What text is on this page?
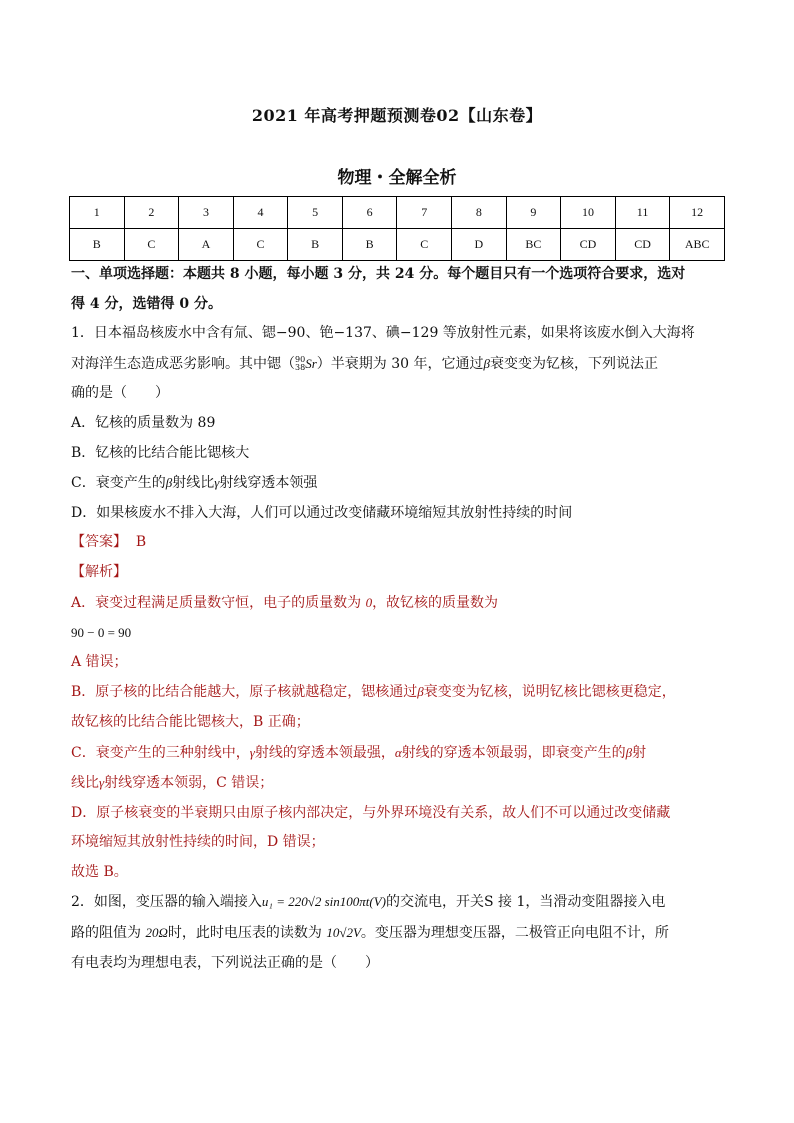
2021 年高考押题预测卷02【山东卷】
物理・全解全析
1	2	3	4	5	6	7	8	9	10	11	12
B	C	A	C	B	B	C	D	BC	CD	CD	ABC

一、单项选择题：本题共 8 小题，每小题 3 分，共 24 分。每个题目只有一个选项符合要求，选对

得 4 分，选错得 0 分。

1．日本福岛核废水中含有氚、锶−90、铯−137、碘−129 等放射性元素，如果将该废水倒入大海将

对海洋生态造成恶劣影响。其中锶（90
38Sr）半衰期为 30 年，它通过β衰变变为钇核，下列说法正

确的是（　　）

A．钇核的质量数为 89

B．钇核的比结合能比锶核大

C．衰变产生的β射线比γ射线穿透本领强

D．如果核废水不排入大海，人们可以通过改变储藏环境缩短其放射性持续的时间

【答案】 B

【解析】

A．衰变过程满足质量数守恒，电子的质量数为 0，故钇核的质量数为

90 − 0 = 90

A 错误；

B．原子核的比结合能越大，原子核就越稳定，锶核通过β衰变变为钇核，说明钇核比锶核更稳定，

故钇核的比结合能比锶核大，B 正确；

C．衰变产生的三种射线中，γ射线的穿透本领最强，α射线的穿透本领最弱，即衰变产生的β射

线比γ射线穿透本领弱，C 错误；

D．原子核衰变的半衰期只由原子核内部决定，与外界环境没有关系，故人们不可以通过改变储藏

环境缩短其放射性持续的时间，D 错误；

故选 B。

2．如图，变压器的输入端接入u₁ = 220√2 sin100πt(V)的交流电，开关S 接 1，当滑动变阻器接入电

路的阻值为 20Ω时，此时电压表的读数为 10√2V。变压器为理想变压器，二极管正向电阻不计，所

有电表均为理想电表，下列说法正确的是（　　）
